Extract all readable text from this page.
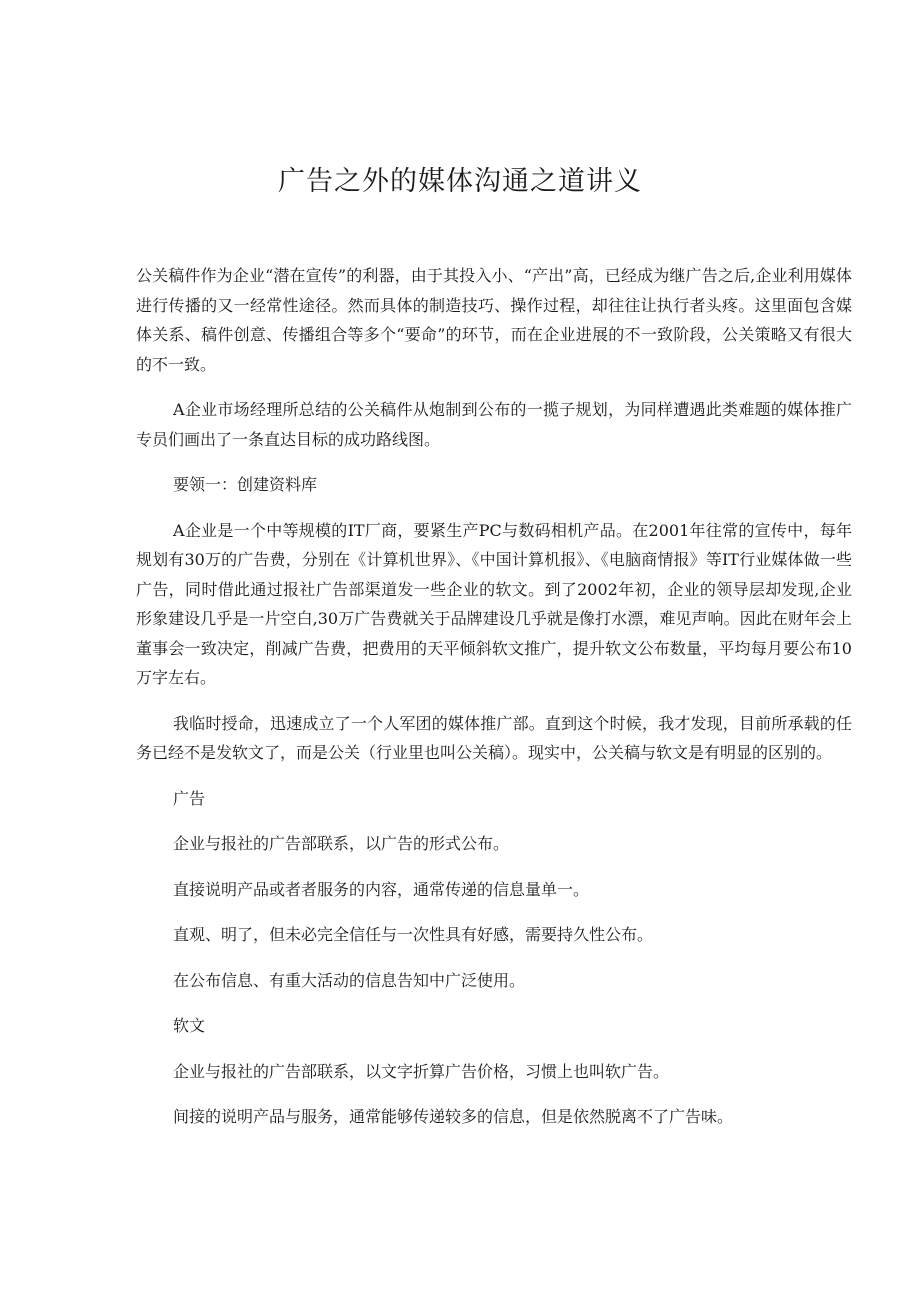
广告之外的媒体沟通之道讲义

公关稿件作为企业“潜在宣传”的利器，由于其投入小、“产出”高，已经成为继广告之后,企业利用媒体进行传播的又一经常性途径。然而具体的制造技巧、操作过程，却往往让执行者头疼。这里面包含媒体关系、稿件创意、传播组合等多个“要命”的环节，而在企业进展的不一致阶段，公关策略又有很大的不一致。

A企业市场经理所总结的公关稿件从炮制到公布的一揽子规划，为同样遭遇此类难题的媒体推广专员们画出了一条直达目标的成功路线图。

要领一：创建资料库

A企业是一个中等规模的IT厂商，要紧生产PC与数码相机产品。在2001年往常的宣传中，每年规划有30万的广告费，分别在《计算机世界》、《中国计算机报》、《电脑商情报》等IT行业媒体做一些广告，同时借此通过报社广告部渠道发一些企业的软文。到了2002年初，企业的领导层却发现,企业形象建设几乎是一片空白,30万广告费就关于品牌建设几乎就是像打水漂，难见声响。因此在财年会上董事会一致决定，削减广告费，把费用的天平倾斜软文推广，提升软文公布数量，平均每月要公布10万字左右。

我临时授命，迅速成立了一个人军团的媒体推广部。直到这个时候，我才发现，目前所承载的任务已经不是发软文了，而是公关（行业里也叫公关稿）。现实中，公关稿与软文是有明显的区别的。

广告

企业与报社的广告部联系，以广告的形式公布。

直接说明产品或者者服务的内容，通常传递的信息量单一。

直观、明了，但未必完全信任与一次性具有好感，需要持久性公布。

在公布信息、有重大活动的信息告知中广泛使用。

软文

企业与报社的广告部联系，以文字折算广告价格，习惯上也叫软广告。

间接的说明产品与服务，通常能够传递较多的信息，但是依然脱离不了广告味。
